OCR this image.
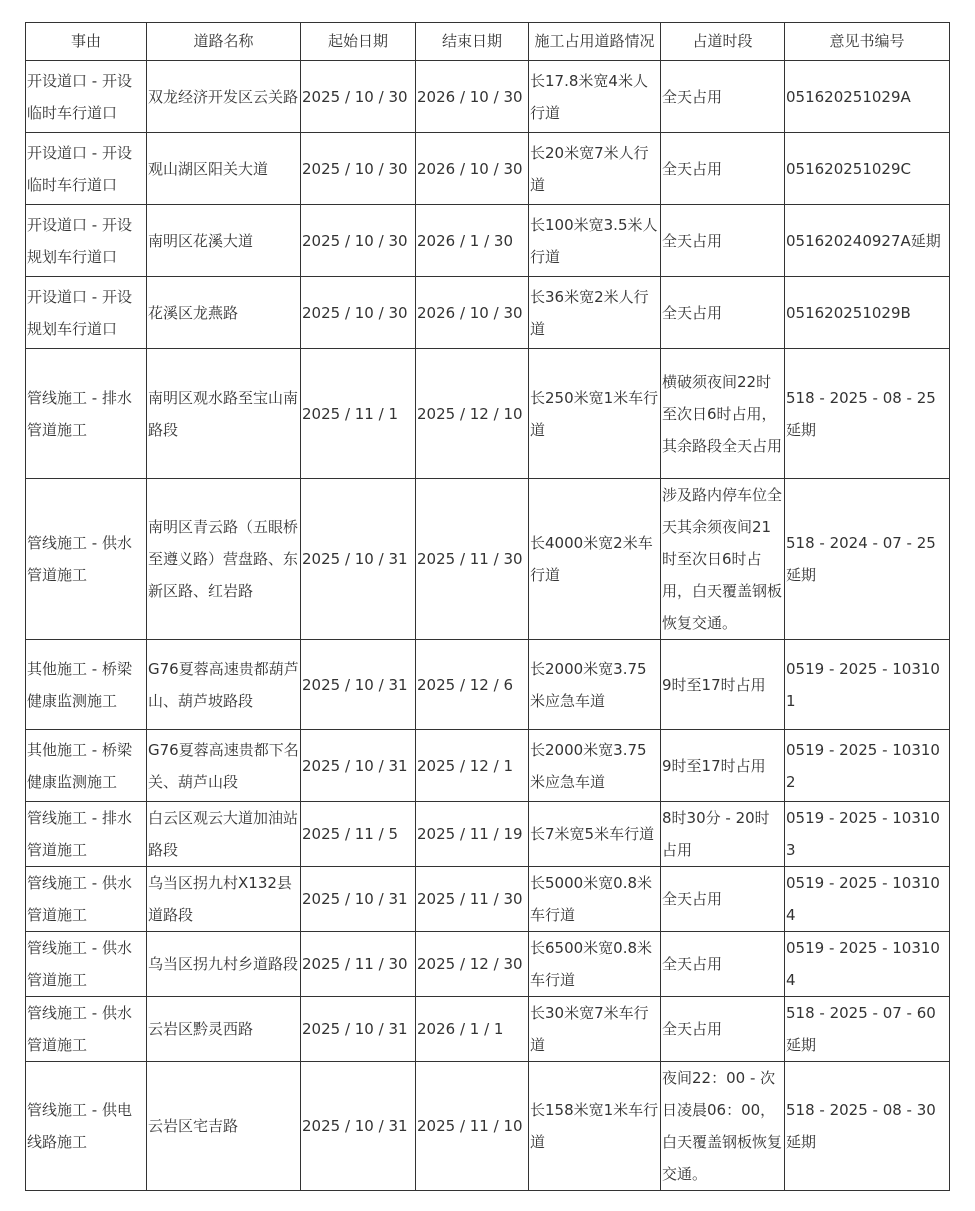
事由	道路名称	起始日期	结束日期	施工占用道路情况	占道时段	意见书编号
开设道口 - 开设临时车行道口	双龙经济开发区云关路	2025 / 10 / 30	2026 / 10 / 30	长17.8米宽4米人行道	全天占用	051620251029A
开设道口 - 开设临时车行道口	观山湖区阳关大道	2025 / 10 / 30	2026 / 10 / 30	长20米宽7米人行道	全天占用	051620251029C
开设道口 - 开设规划车行道口	南明区花溪大道	2025 / 10 / 30	2026 / 1 / 30	长100米宽3.5米人行道	全天占用	051620240927A延期
开设道口 - 开设规划车行道口	花溪区龙燕路	2025 / 10 / 30	2026 / 10 / 30	长36米宽2米人行道	全天占用	051620251029B
管线施工 - 排水管道施工	南明区观水路至宝山南路段	2025 / 11 / 1	2025 / 12 / 10	长250米宽1米车行道	横破须夜间22时至次日6时占用，其余路段全天占用	518 - 2025 - 08 - 25延期
管线施工 - 供水管道施工	南明区青云路（五眼桥至遵义路）营盘路、东新区路、红岩路	2025 / 10 / 31	2025 / 11 / 30	长4000米宽2米车行道	涉及路内停车位全天其余须夜间21时至次日6时占用，白天覆盖钢板恢复交通。	518 - 2024 - 07 - 25延期
其他施工 - 桥梁健康监测施工	G76夏蓉高速贵都葫芦山、葫芦坡路段	2025 / 10 / 31	2025 / 12 / 6	长2000米宽3.75米应急车道	9时至17时占用	0519 - 2025 - 103101
其他施工 - 桥梁健康监测施工	G76夏蓉高速贵都下名关、葫芦山段	2025 / 10 / 31	2025 / 12 / 1	长2000米宽3.75米应急车道	9时至17时占用	0519 - 2025 - 103102
管线施工 - 排水管道施工	白云区观云大道加油站路段	2025 / 11 / 5	2025 / 11 / 19	长7米宽5米车行道	8时30分 - 20时占用	0519 - 2025 - 103103
管线施工 - 供水管道施工	乌当区拐九村X132县道路段	2025 / 10 / 31	2025 / 11 / 30	长5000米宽0.8米车行道	全天占用	0519 - 2025 - 103104
管线施工 - 供水管道施工	乌当区拐九村乡道路段	2025 / 11 / 30	2025 / 12 / 30	长6500米宽0.8米车行道	全天占用	0519 - 2025 - 103104
管线施工 - 供水管道施工	云岩区黔灵西路	2025 / 10 / 31	2026 / 1 / 1	长30米宽7米车行道	全天占用	518 - 2025 - 07 - 60延期
管线施工 - 供电线路施工	云岩区宅吉路	2025 / 10 / 31	2025 / 11 / 10	长158米宽1米车行道	夜间22：00 - 次日凌晨06：00，白天覆盖钢板恢复交通。	518 - 2025 - 08 - 30延期
